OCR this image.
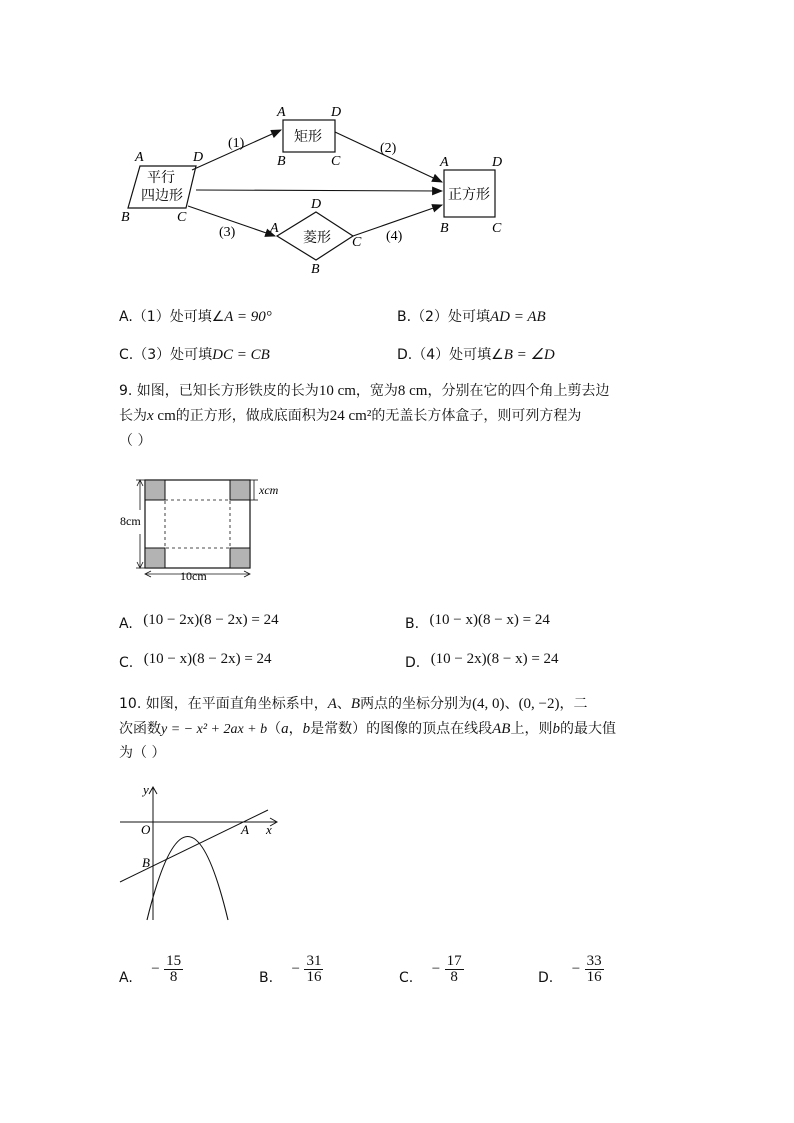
平行
四边形
A	D
B	C
矩形
A	D
B	C
正方形
A	D
B	C
菱形
D
A
C
B
(1)	(2)
(3)	(4)
A.（1）处可填∠A = 90°	B.（2）处可填AD = AB
C.（3）处可填DC = CB	D.（4）处可填∠B = ∠D
9. 如图，已知长方形铁皮的长为10 cm，宽为8 cm，分别在它的四个角上剪去边
长为x cm的正方形，做成底面积为24 cm²的无盖长方体盒子，则可列方程为
（ ）
8cm
10cm
xcm
A. (10 − 2x)(8 − 2x) = 24	B. (10 − x)(8 − x) = 24
C. (10 − x)(8 − 2x) = 24	D. (10 − 2x)(8 − x) = 24
10. 如图，在平面直角坐标系中，A、B两点的坐标分别为(4, 0)、(0, −2)，二
次函数y = − x² + 2ax + b（a，b是常数）的图像的顶点在线段AB上，则b的最大值
为（ ）
y
x
O	A
B
A. − $\frac{15}{8}$	B. − $\frac{31}{16}$	C. − $\frac{17}{8}$	D. − $\frac{33}{16}$
